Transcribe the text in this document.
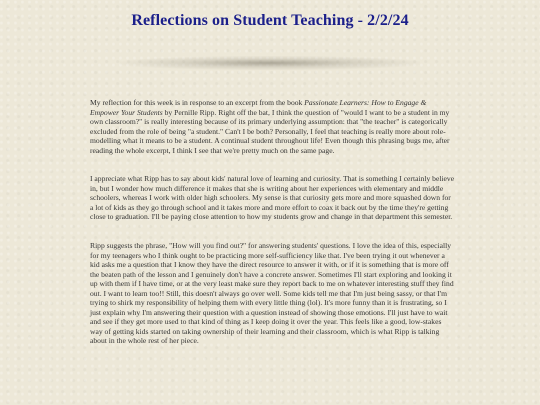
Reflections on Student Teaching - 2/2/24

My reflection for this week is in response to an excerpt from the book Passionate Learners: How to Engage & Empower Your Students by Pernille Ripp. Right off the bat, I think the question of "would I want to be a student in my own classroom?" is really interesting because of its primary underlying assumption: that "the teacher" is categorically excluded from the role of being "a student." Can't I be both? Personally, I feel that teaching is really more about role-modelling what it means to be a student. A continual student throughout life! Even though this phrasing bugs me, after reading the whole excerpt, I think I see that we're pretty much on the same page.

I appreciate what Ripp has to say about kids' natural love of learning and curiosity. That is something I certainly believe in, but I wonder how much difference it makes that she is writing about her experiences with elementary and middle schoolers, whereas I work with older high schoolers. My sense is that curiosity gets more and more squashed down for a lot of kids as they go through school and it takes more and more effort to coax it back out by the time they're getting close to graduation. I'll be paying close attention to how my students grow and change in that department this semester.

Ripp suggests the phrase, "How will you find out?" for answering students' questions. I love the idea of this, especially for my teenagers who I think ought to be practicing more self-sufficiency like that. I've been trying it out whenever a kid asks me a question that I know they have the direct resource to answer it with, or if it is something that is more off the beaten path of the lesson and I genuinely don't have a concrete answer. Sometimes I'll start exploring and looking it up with them if I have time, or at the very least make sure they report back to me on whatever interesting stuff they find out. I want to learn too!! Still, this doesn't always go over well. Some kids tell me that I'm just being sassy, or that I'm trying to shirk my responsibility of helping them with every little thing (lol). It's more funny than it is frustrating, so I just explain why I'm answering their question with a question instead of showing those emotions. I'll just have to wait and see if they get more used to that kind of thing as I keep doing it over the year. This feels like a good, low-stakes way of getting kids started on taking ownership of their learning and their classroom, which is what Ripp is talking about in the whole rest of her piece.
